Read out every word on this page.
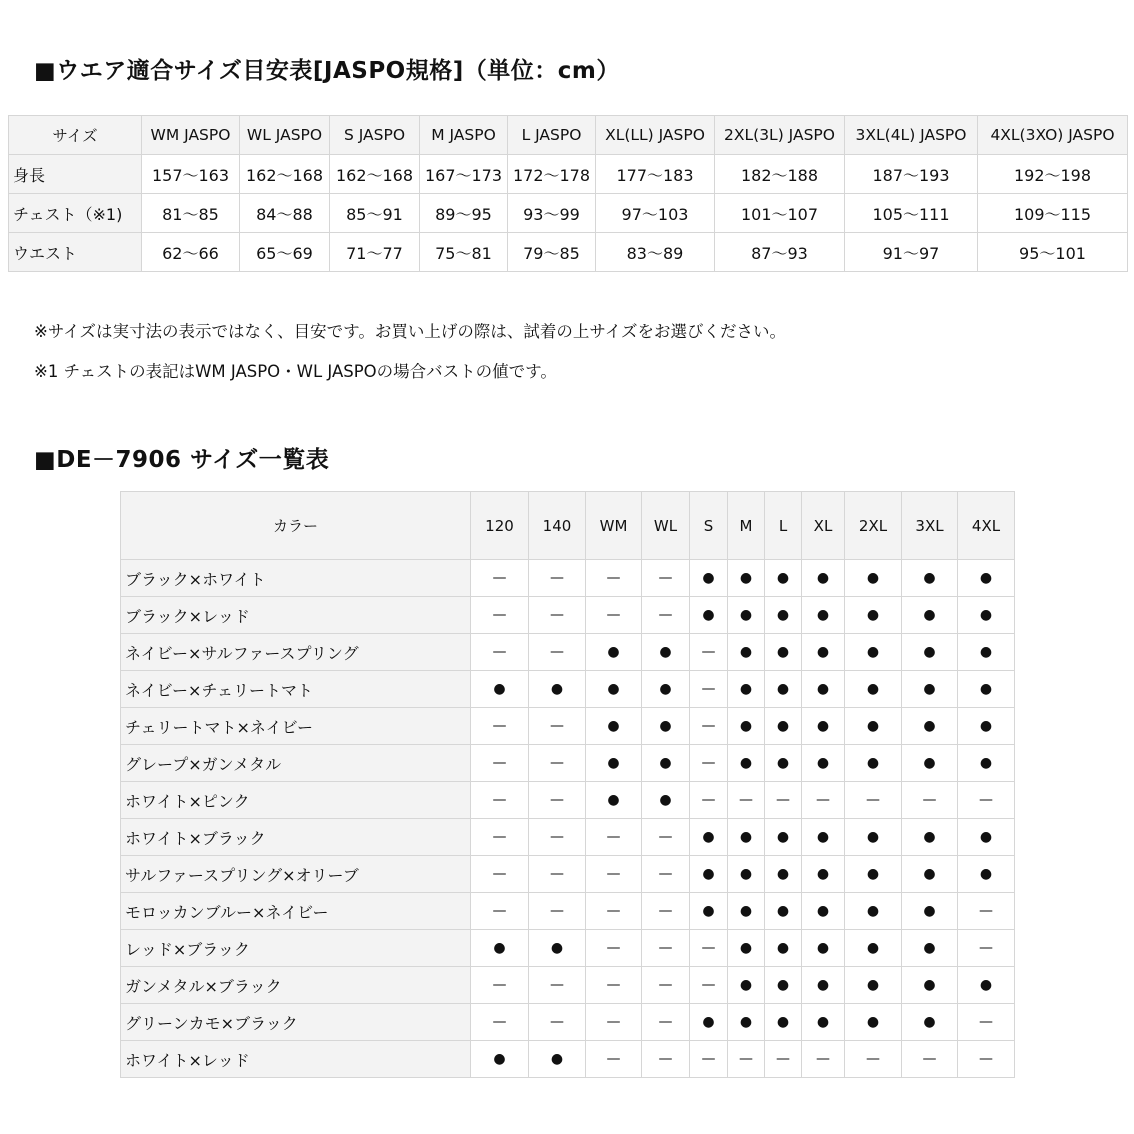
■ウエア適合サイズ目安表[JASPO規格]（単位：cm）
サイズ	WM JASPO	WL JASPO	S JASPO	M JASPO	L JASPO	XL(LL) JASPO	2XL(3L) JASPO	3XL(4L) JASPO	4XL(3XO) JASPO
身長	157～163	162～168	162～168	167～173	172～178	177～183	182～188	187～193	192～198
チェスト（※1)	81～85	84～88	85～91	89～95	93～99	97～103	101～107	105～111	109～115
ウエスト	62～66	65～69	71～77	75～81	79～85	83～89	87～93	91～97	95～101
※サイズは実寸法の表示ではなく、目安です。お買い上げの際は、試着の上サイズをお選びください。
※1 チェストの表記はWM JASPO・WL JASPOの場合バストの値です。
■DE－7906 サイズ一覧表
カラー	120	140	WM	WL	S	M	L	XL	2XL	3XL	4XL
ブラック×ホワイト	—	—	—	—	●	●	●	●	●	●	●
ブラック×レッド	—	—	—	—	●	●	●	●	●	●	●
ネイビー×サルファースプリング	—	—	●	●	—	●	●	●	●	●	●
ネイビー×チェリートマト	●	●	●	●	—	●	●	●	●	●	●
チェリートマト×ネイビー	—	—	●	●	—	●	●	●	●	●	●
グレープ×ガンメタル	—	—	●	●	—	●	●	●	●	●	●
ホワイト×ピンク	—	—	●	●	—	—	—	—	—	—	—
ホワイト×ブラック	—	—	—	—	●	●	●	●	●	●	●
サルファースプリング×オリーブ	—	—	—	—	●	●	●	●	●	●	●
モロッカンブルー×ネイビー	—	—	—	—	●	●	●	●	●	●	—
レッド×ブラック	●	●	—	—	—	●	●	●	●	●	—
ガンメタル×ブラック	—	—	—	—	—	●	●	●	●	●	●
グリーンカモ×ブラック	—	—	—	—	●	●	●	●	●	●	—
ホワイト×レッド	●	●	—	—	—	—	—	—	—	—	—
